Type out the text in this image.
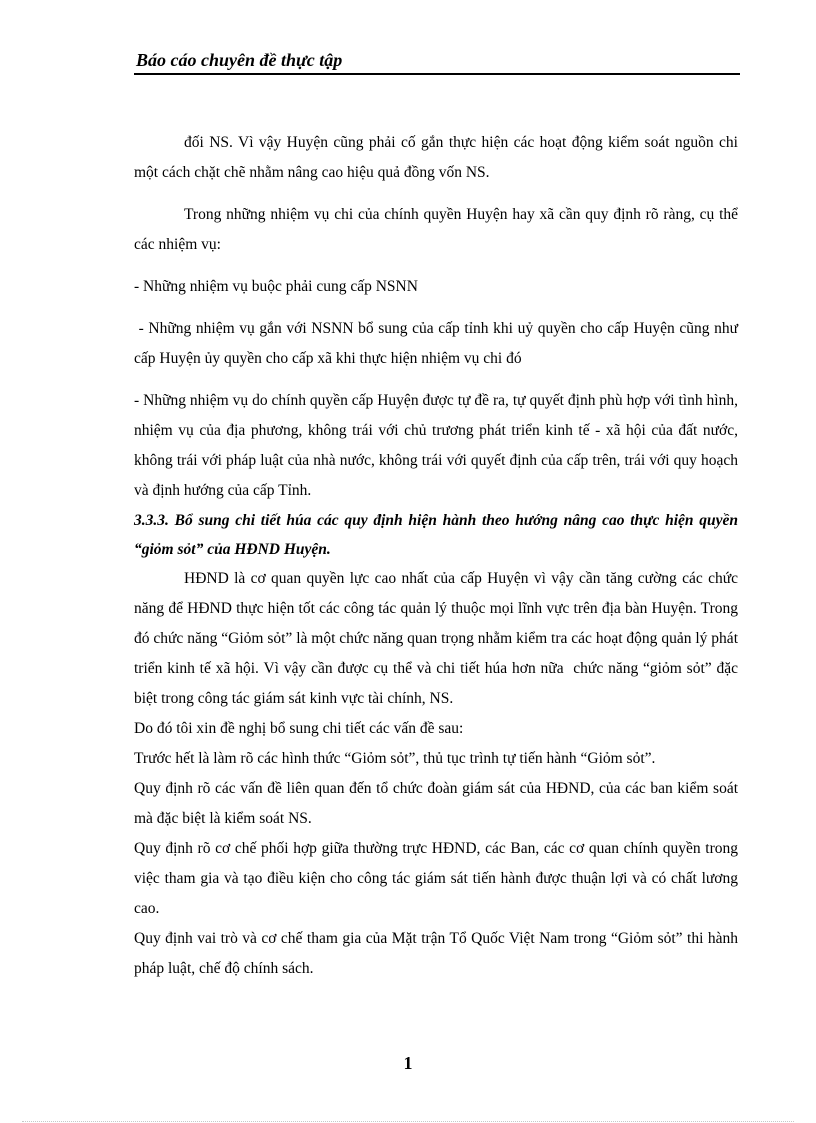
Báo cáo chuyên đề thực tập

đối NS. Vì vậy Huyện cũng phải cố gắn thực hiện các hoạt động kiểm soát nguồn chi một cách chặt chẽ nhằm nâng cao hiệu quả đồng vốn NS.

Trong những nhiệm vụ chi của chính quyền Huyện hay xã cần quy định rõ ràng, cụ thể các nhiệm vụ:

- Những nhiệm vụ buộc phải cung cấp NSNN

- Những nhiệm vụ gắn với NSNN bổ sung của cấp tỉnh khi uỷ quyền cho cấp Huyện cũng như cấp Huyện ủy quyền cho cấp xã khi thực hiện nhiệm vụ chi đó

- Những nhiệm vụ do chính quyền cấp Huyện được tự đề ra, tự quyết định phù hợp với tình hình, nhiệm vụ của địa phương, không trái với chủ trương phát triển kinh tế - xã hội của đất nước, không trái với pháp luật của nhà nước, không trái với quyết định của cấp trên, trái với quy hoạch và định hướng của cấp Tỉnh.

3.3.3. Bổ sung chi tiết húa các quy định hiện hành theo hướng nâng cao thực hiện quyền “giỏm sỏt” của HĐND Huyện.

HĐND là cơ quan quyền lực cao nhất của cấp Huyện vì vậy cần tăng cường các chức năng để HĐND thực hiện tốt các công tác quản lý thuộc mọi lĩnh vực trên địa bàn Huyện. Trong đó chức năng “Giỏm sỏt” là một chức năng quan trọng nhằm kiểm tra các hoạt động quản lý phát triển kinh tế xã hội. Vì vậy cần được cụ thể và chi tiết húa hơn nữa  chức năng “giỏm sỏt” đặc biệt trong công tác giám sát kinh vực tài chính, NS.

Do đó tôi xin đề nghị bổ sung chi tiết các vấn đề sau:

Trước hết là làm rõ các hình thức “Giỏm sỏt”, thủ tục trình tự tiến hành “Giỏm sỏt”.

Quy định rõ các vấn đề liên quan đến tổ chức đoàn giám sát của HĐND, của các ban kiểm soát mà đặc biệt là kiểm soát NS.

Quy định rõ cơ chế phối hợp giữa thường trực HĐND, các Ban, các cơ quan chính quyền trong việc tham gia và tạo điều kiện cho công tác giám sát tiến hành được thuận lợi và có chất lương cao.

Quy định vai trò và cơ chế tham gia của Mặt trận Tổ Quốc Việt Nam trong “Giỏm sỏt” thi hành pháp luật, chế độ chính sách.

1
